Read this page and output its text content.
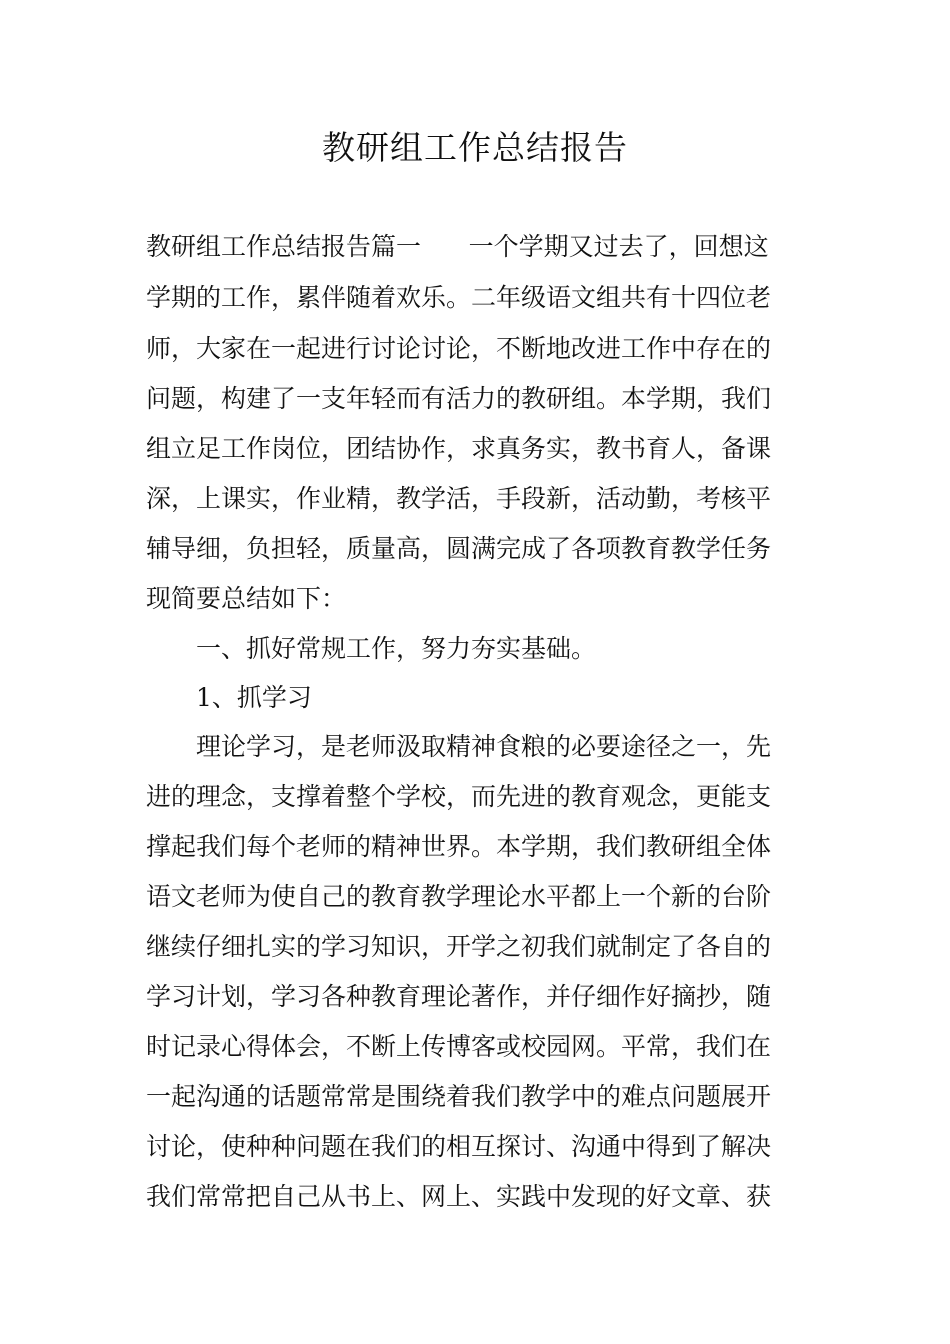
教研组工作总结报告
教研组工作总结报告篇一      一个学期又过去了，回想这
学期的工作，累伴随着欢乐。二年级语文组共有十四位老
师，大家在一起进行讨论讨论，不断地改进工作中存在的
问题，构建了一支年轻而有活力的教研组。本学期，我们
组立足工作岗位，团结协作，求真务实，教书育人，备课
深，上课实，作业精，教学活，手段新，活动勤，考核平
辅导细，负担轻，质量高，圆满完成了各项教育教学任务
现简要总结如下：
一、抓好常规工作，努力夯实基础。
1、抓学习
理论学习，是老师汲取精神食粮的必要途径之一，先
进的理念，支撑着整个学校，而先进的教育观念，更能支
撑起我们每个老师的精神世界。本学期，我们教研组全体
语文老师为使自己的教育教学理论水平都上一个新的台阶
继续仔细扎实的学习知识，开学之初我们就制定了各自的
学习计划，学习各种教育理论著作，并仔细作好摘抄，随
时记录心得体会，不断上传博客或校园网。平常，我们在
一起沟通的话题常常是围绕着我们教学中的难点问题展开
讨论，使种种问题在我们的相互探讨、沟通中得到了解决
我们常常把自己从书上、网上、实践中发现的好文章、获
